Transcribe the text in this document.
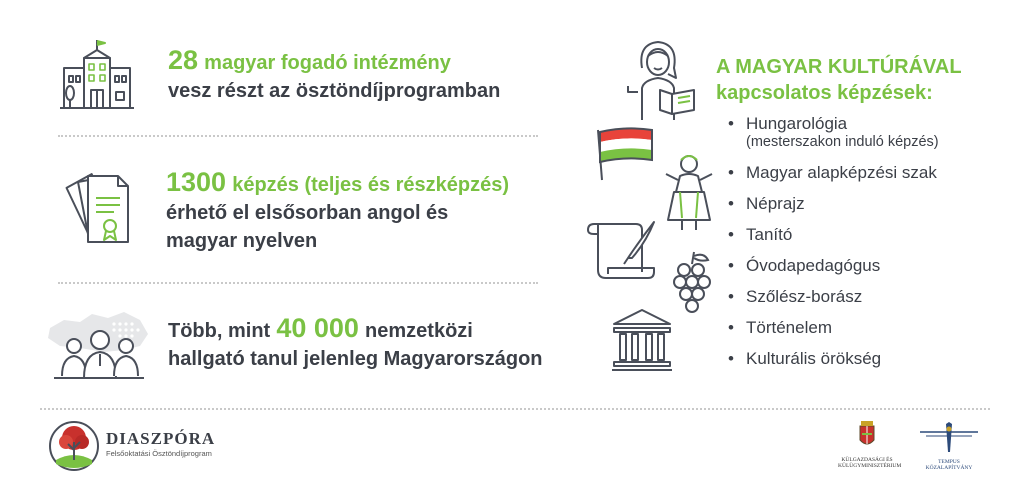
28 magyar fogadó intézmény
vesz részt az ösztöndíjprogramban
1300 képzés (teljes és részképzés)
érhető el elsősorban angol és
magyar nyelven
Több, mint 40 000 nemzetközi
hallgató tanul jelenleg Magyarországon
A MAGYAR KULTÚRÁVAL
kapcsolatos képzések:
• Hungarológia
(mesterszakon induló képzés)
• Magyar alapképzési szak
• Néprajz
• Tanító
• Óvodapedagógus
• Szőlész-borász
• Történelem
• Kulturális örökség
DIASZPÓRA
Felsőoktatási Ösztöndíjprogram
KÜLGAZDASÁGI ÉS
KÜLÜGYMINISZTÉRIUM
TEMPUS KÖZALAPÍTVÁNY
